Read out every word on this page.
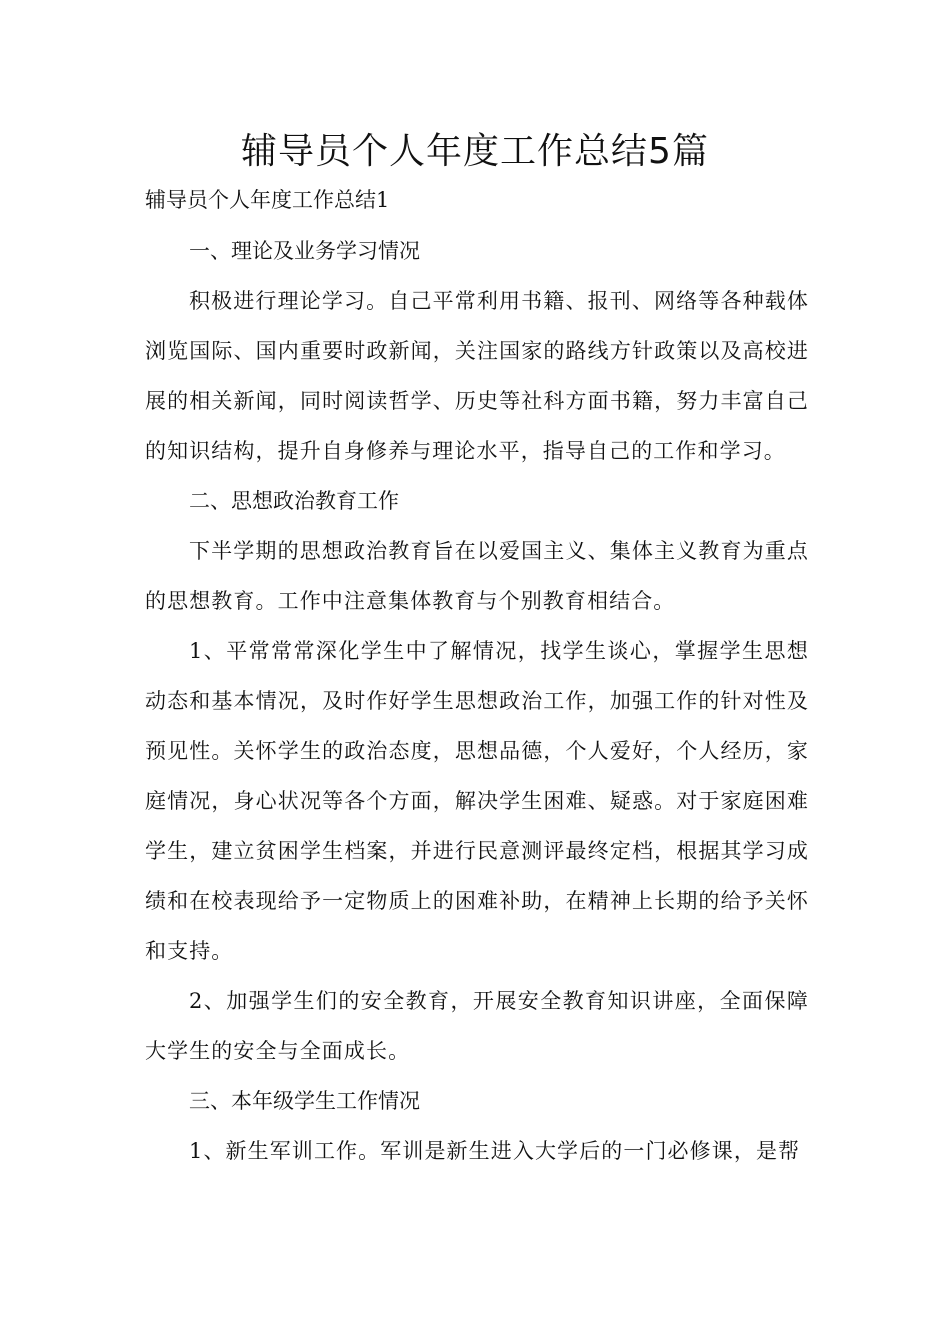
辅导员个人年度工作总结5篇

辅导员个人年度工作总结1

一、理论及业务学习情况

积极进行理论学习。自己平常利用书籍、报刊、网络等各种载体浏览国际、国内重要时政新闻，关注国家的路线方针政策以及高校进展的相关新闻，同时阅读哲学、历史等社科方面书籍，努力丰富自己的知识结构，提升自身修养与理论水平，指导自己的工作和学习。

二、思想政治教育工作

下半学期的思想政治教育旨在以爱国主义、集体主义教育为重点的思想教育。工作中注意集体教育与个别教育相结合。

1、平常常常深化学生中了解情况，找学生谈心，掌握学生思想动态和基本情况，及时作好学生思想政治工作，加强工作的针对性及预见性。关怀学生的政治态度，思想品德，个人爱好，个人经历，家庭情况，身心状况等各个方面，解决学生困难、疑惑。对于家庭困难学生，建立贫困学生档案，并进行民意测评最终定档，根据其学习成绩和在校表现给予一定物质上的困难补助，在精神上长期的给予关怀和支持。

2、加强学生们的安全教育，开展安全教育知识讲座，全面保障大学生的安全与全面成长。

三、本年级学生工作情况

1、新生军训工作。军训是新生进入大学后的一门必修课，是帮
